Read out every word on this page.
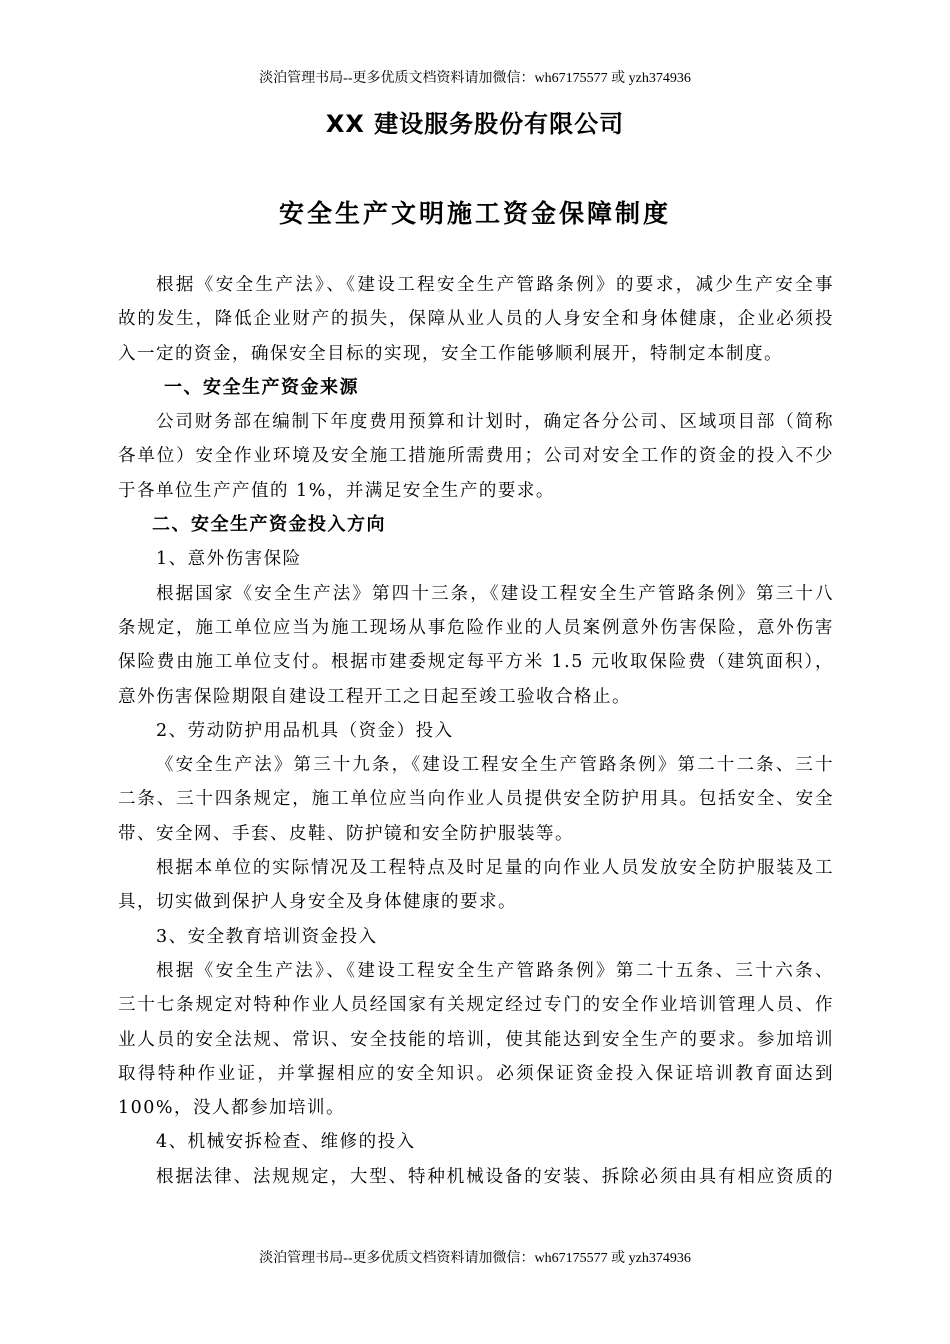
淡泊管理书局--更多优质文档资料请加微信：wh67175577 或 yzh374936
XX 建设服务股份有限公司
安全生产文明施工资金保障制度
根据《安全生产法》、《建设工程安全生产管路条例》的要求，减少生产安全事
故的发生，降低企业财产的损失，保障从业人员的人身安全和身体健康，企业必须投
入一定的资金，确保安全目标的实现，安全工作能够顺利展开，特制定本制度。
一、安全生产资金来源
公司财务部在编制下年度费用预算和计划时，确定各分公司、区域项目部（简称
各单位）安全作业环境及安全施工措施所需费用；公司对安全工作的资金的投入不少
于各单位生产产值的 1%，并满足安全生产的要求。
二、安全生产资金投入方向
1、意外伤害保险
根据国家《安全生产法》第四十三条，《建设工程安全生产管路条例》第三十八
条规定，施工单位应当为施工现场从事危险作业的人员案例意外伤害保险，意外伤害
保险费由施工单位支付。根据市建委规定每平方米 1.5 元收取保险费（建筑面积），
意外伤害保险期限自建设工程开工之日起至竣工验收合格止。
2、劳动防护用品机具（资金）投入
《安全生产法》第三十九条，《建设工程安全生产管路条例》第二十二条、三十
二条、三十四条规定，施工单位应当向作业人员提供安全防护用具。包括安全、安全
带、安全网、手套、皮鞋、防护镜和安全防护服装等。
根据本单位的实际情况及工程特点及时足量的向作业人员发放安全防护服装及工
具，切实做到保护人身安全及身体健康的要求。
3、安全教育培训资金投入
根据《安全生产法》、《建设工程安全生产管路条例》第二十五条、三十六条、
三十七条规定对特种作业人员经国家有关规定经过专门的安全作业培训管理人员、作
业人员的安全法规、常识、安全技能的培训，使其能达到安全生产的要求。参加培训
取得特种作业证，并掌握相应的安全知识。必须保证资金投入保证培训教育面达到
100%，没人都参加培训。
4、机械安拆检查、维修的投入
根据法律、法规规定，大型、特种机械设备的安装、拆除必须由具有相应资质的
淡泊管理书局--更多优质文档资料请加微信：wh67175577 或 yzh374936
